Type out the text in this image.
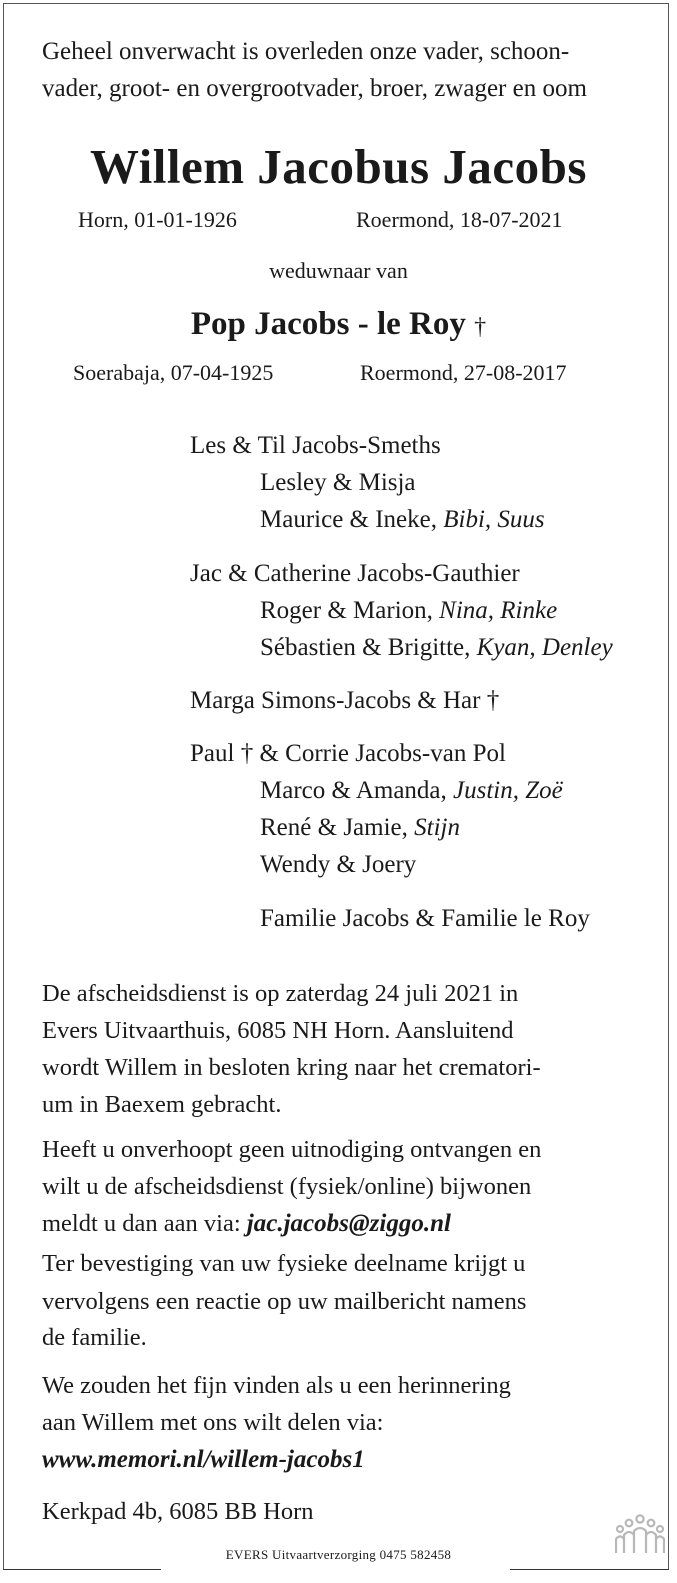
Geheel onverwacht is overleden onze vader, schoon-
vader, groot- en overgrootvader, broer, zwager en oom
Willem Jacobus Jacobs
Horn, 01-01-1926	Roermond, 18-07-2021
weduwnaar van
Pop Jacobs - le Roy †
Soerabaja, 07-04-1925	Roermond, 27-08-2017
Les & Til Jacobs-Smeths
Lesley & Misja
Maurice & Ineke, Bibi, Suus
Jac & Catherine Jacobs-Gauthier
Roger & Marion, Nina, Rinke
Sébastien & Brigitte, Kyan, Denley
Marga Simons-Jacobs & Har †
Paul † & Corrie Jacobs-van Pol
Marco & Amanda, Justin, Zoë
René & Jamie, Stijn
Wendy & Joery
Familie Jacobs & Familie le Roy
De afscheidsdienst is op zaterdag 24 juli 2021 in
Evers Uitvaarthuis, 6085 NH Horn. Aansluitend
wordt Willem in besloten kring naar het crematori-
um in Baexem gebracht.
Heeft u onverhoopt geen uitnodiging ontvangen en
wilt u de afscheidsdienst (fysiek/online) bijwonen
meldt u dan aan via: jac.jacobs@ziggo.nl
Ter bevestiging van uw fysieke deelname krijgt u
vervolgens een reactie op uw mailbericht namens
de familie.
We zouden het fijn vinden als u een herinnering
aan Willem met ons wilt delen via:
www.memori.nl/willem-jacobs1
Kerkpad 4b, 6085 BB Horn
EVERS Uitvaartverzorging 0475 582458
